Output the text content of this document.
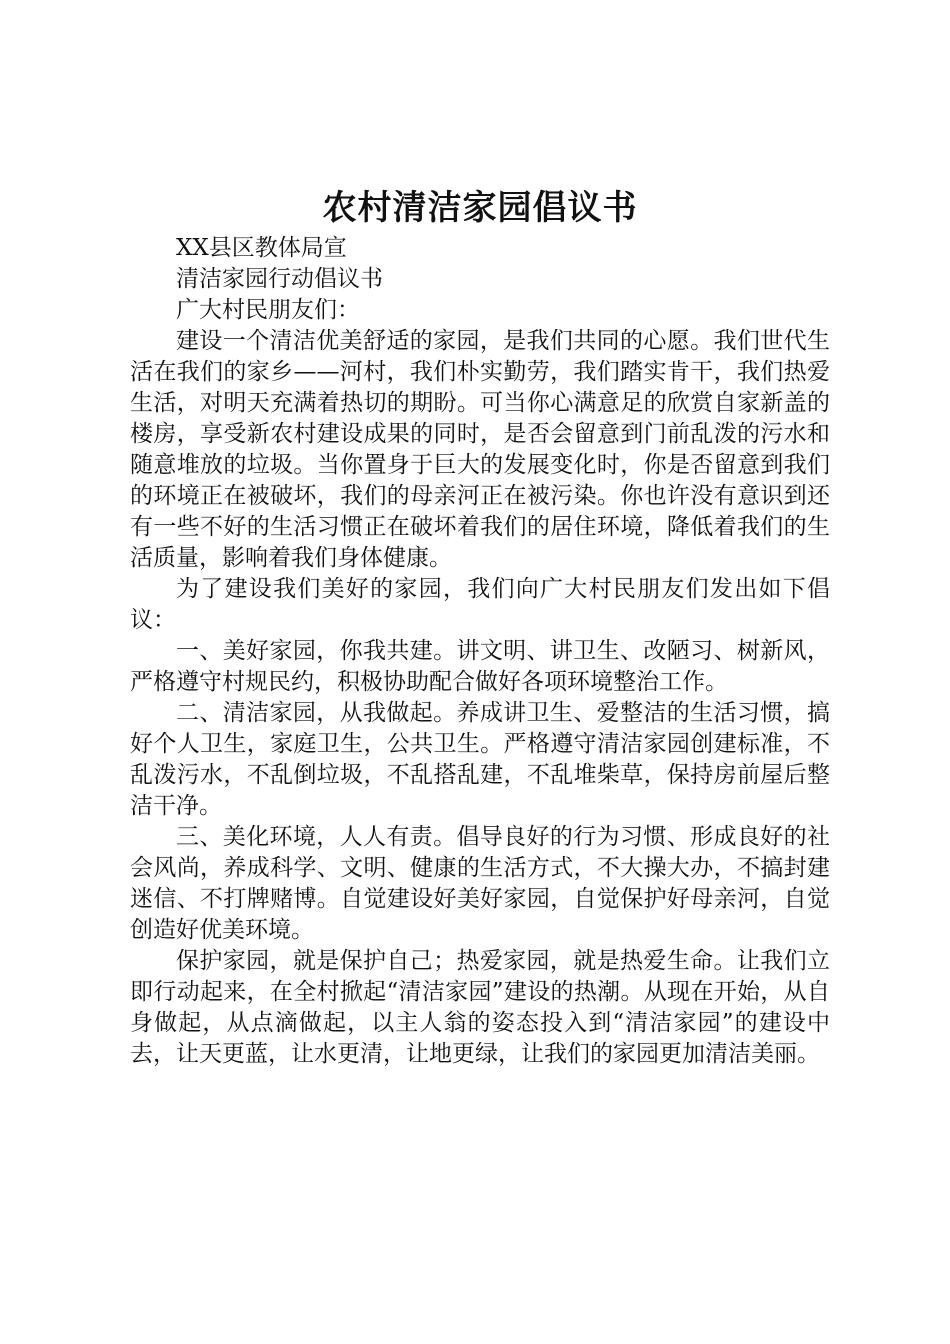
农村清洁家园倡议书

XX县区教体局宣

清洁家园行动倡议书

广大村民朋友们：

建设一个清洁优美舒适的家园，是我们共同的心愿。我们世代生活在我们的家乡——河村，我们朴实勤劳，我们踏实肯干，我们热爱生活，对明天充满着热切的期盼。可当你心满意足的欣赏自家新盖的楼房，享受新农村建设成果的同时，是否会留意到门前乱泼的污水和随意堆放的垃圾。当你置身于巨大的发展变化时，你是否留意到我们的环境正在被破坏，我们的母亲河正在被污染。你也许没有意识到还有一些不好的生活习惯正在破坏着我们的居住环境，降低着我们的生活质量，影响着我们身体健康。

为了建设我们美好的家园，我们向广大村民朋友们发出如下倡议：

一、美好家园，你我共建。讲文明、讲卫生、改陋习、树新风，严格遵守村规民约，积极协助配合做好各项环境整治工作。

二、清洁家园，从我做起。养成讲卫生、爱整洁的生活习惯，搞好个人卫生，家庭卫生，公共卫生。严格遵守清洁家园创建标准，不乱泼污水，不乱倒垃圾，不乱搭乱建，不乱堆柴草，保持房前屋后整洁干净。

三、美化环境，人人有责。倡导良好的行为习惯、形成良好的社会风尚，养成科学、文明、健康的生活方式，不大操大办，不搞封建迷信、不打牌赌博。自觉建设好美好家园，自觉保护好母亲河，自觉创造好优美环境。

保护家园，就是保护自己；热爱家园，就是热爱生命。让我们立即行动起来，在全村掀起“清洁家园”建设的热潮。从现在开始，从自身做起，从点滴做起，以主人翁的姿态投入到“清洁家园”的建设中去，让天更蓝，让水更清，让地更绿，让我们的家园更加清洁美丽。
